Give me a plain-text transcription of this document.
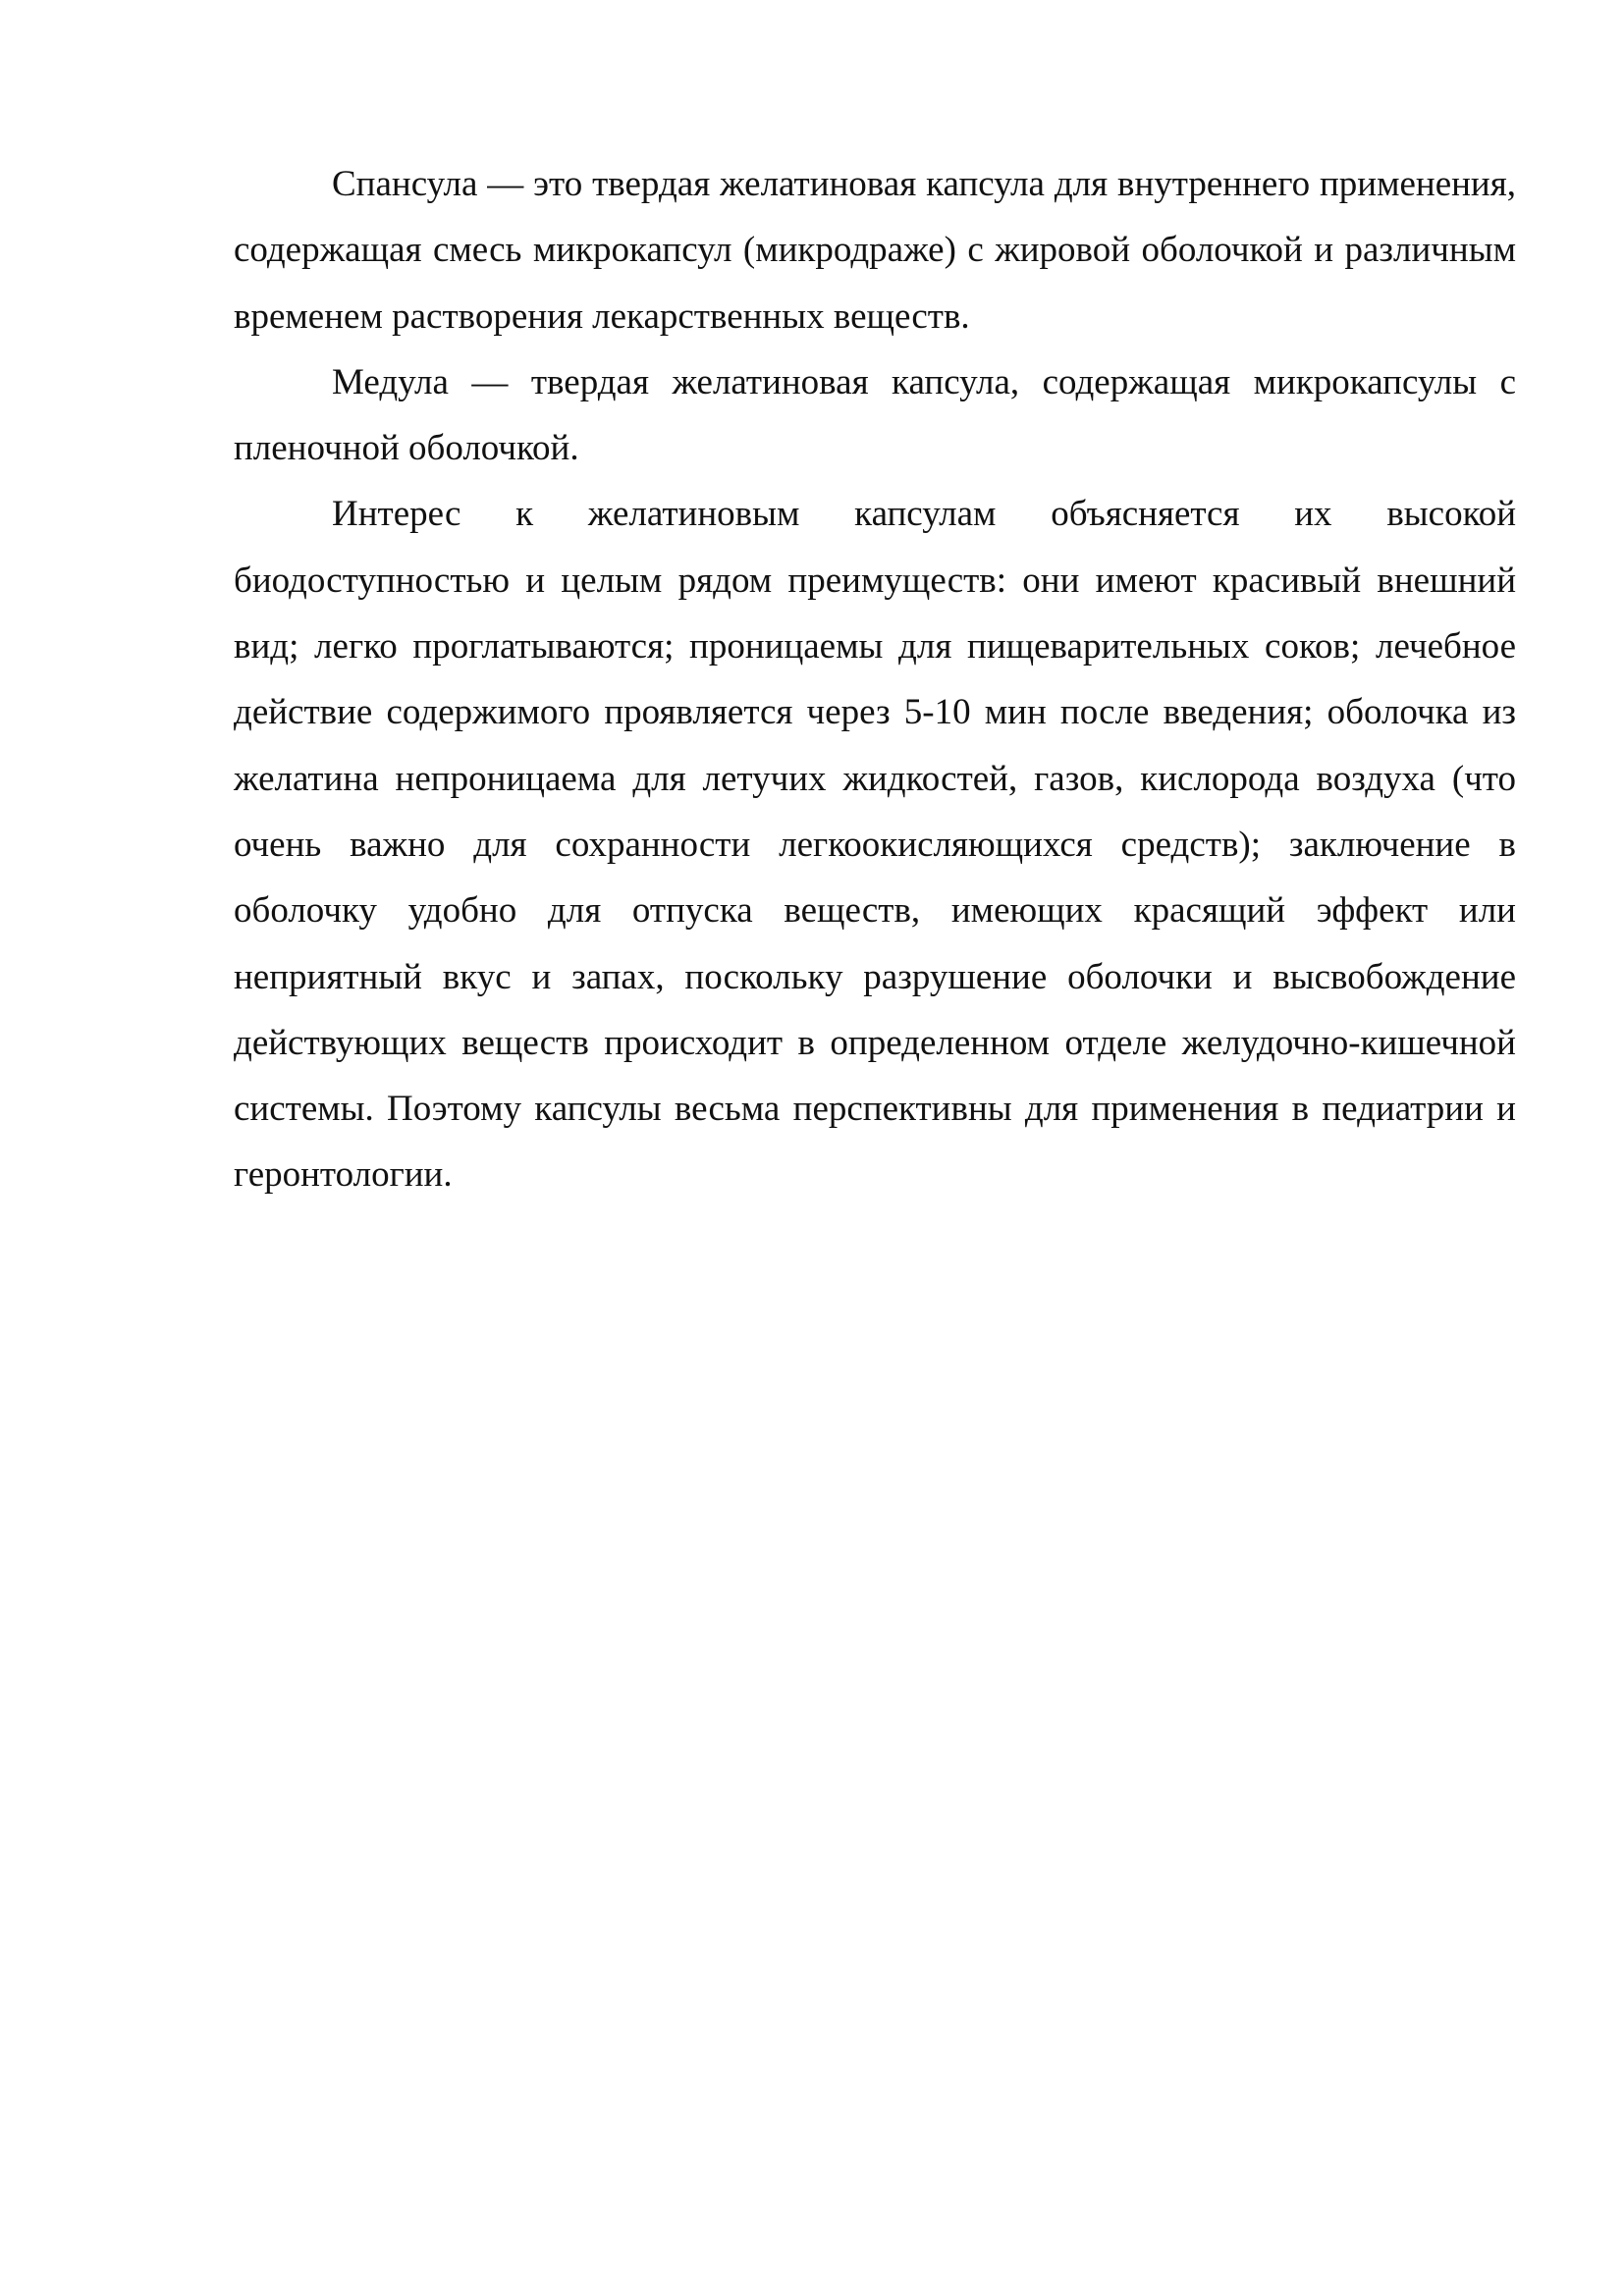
Спансула — это твердая желатиновая капсула для внутреннего применения, содержащая смесь микрокапсул (микродраже) с жировой оболочкой и различным временем растворения лекарственных веществ.

Медула — твердая желатиновая капсула, содержащая микрокапсулы с пленочной оболочкой.

Интерес к желатиновым капсулам объясняется их высокой биодоступностью и целым рядом преимуществ: они имеют красивый внешний вид; легко проглатываются; проницаемы для пищеварительных соков; лечебное действие содержимого проявляется через 5-10 мин после введения; оболочка из желатина непроницаема для летучих жидкостей, газов, кислорода воздуха (что очень важно для сохранности легкоокисляющихся средств); заключение в оболочку удобно для отпуска веществ, имеющих красящий эффект или неприятный вкус и запах, поскольку разрушение оболочки и высвобождение действующих веществ происходит в определенном отделе желудочно-кишечной системы. Поэтому капсулы весьма перспективны для применения в педиатрии и геронтологии.
